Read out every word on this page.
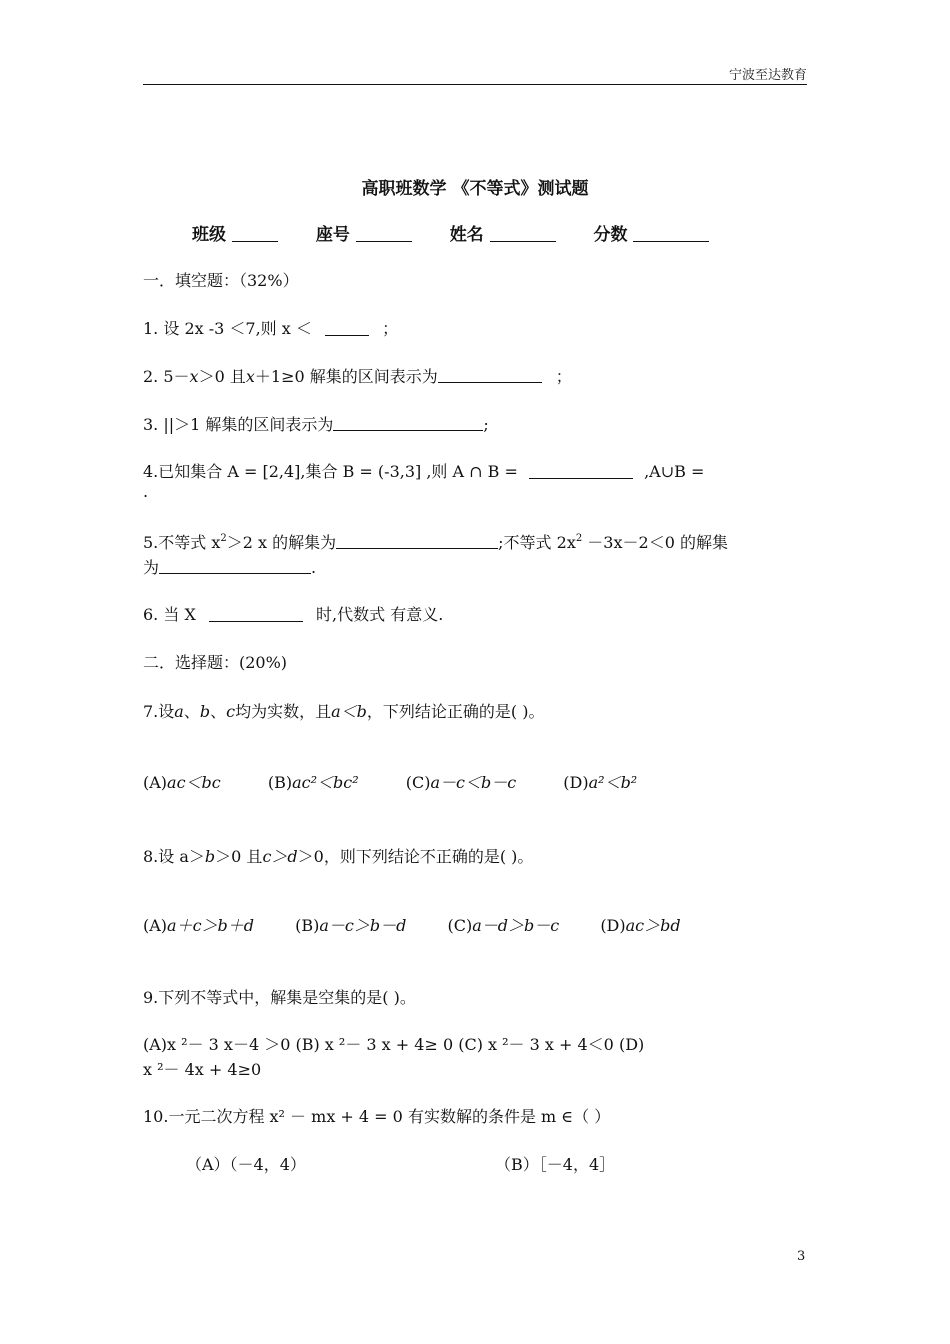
宁波至达教育
高职班数学 《不等式》测试题
班级	座号	姓名	分数
一．填空题：（32%）
1. 设 2x -3 ＜7,则 x ＜	；
2. 5－x＞0 且x＋1≥0 解集的区间表示为	；
3. ||＞1 解集的区间表示为	;
4.已知集合 A = [2,4],集合 B = (-3,3] ,则 A ∩ B =	,A∪B =
.
5.不等式 $x^2>2$ x 的解集为	;不等式 $2x^2 -3x-2<0$ 的解集
为	.
6. 当 X	时,代数式 有意义.
二．选择题：(20%)
7.设a、b、c均为实数，且a＜b，下列结论正确的是( )。
(A)ac＜bc	(B)ac²＜bc²	(C)a－c＜b－c	(D)a²＜b²
8.设 a＞b＞0 且c＞d＞0，则下列结论不正确的是( )。
(A)a＋c＞b＋d	(B)a－c＞b－d	(C)a－d＞b－c	(D)ac＞bd
9.下列不等式中，解集是空集的是( )。
(A)x ²－ 3 x－4 ＞0 (B) x ²－ 3 x + 4≥ 0 (C) x ²－ 3 x + 4＜0 (D)
x ²－ 4x + 4≥0
10.一元二次方程 x² － mx + 4 = 0 有实数解的条件是 m ∈（ ）
（A）（－4，4）	（B）［－4，4］
3
